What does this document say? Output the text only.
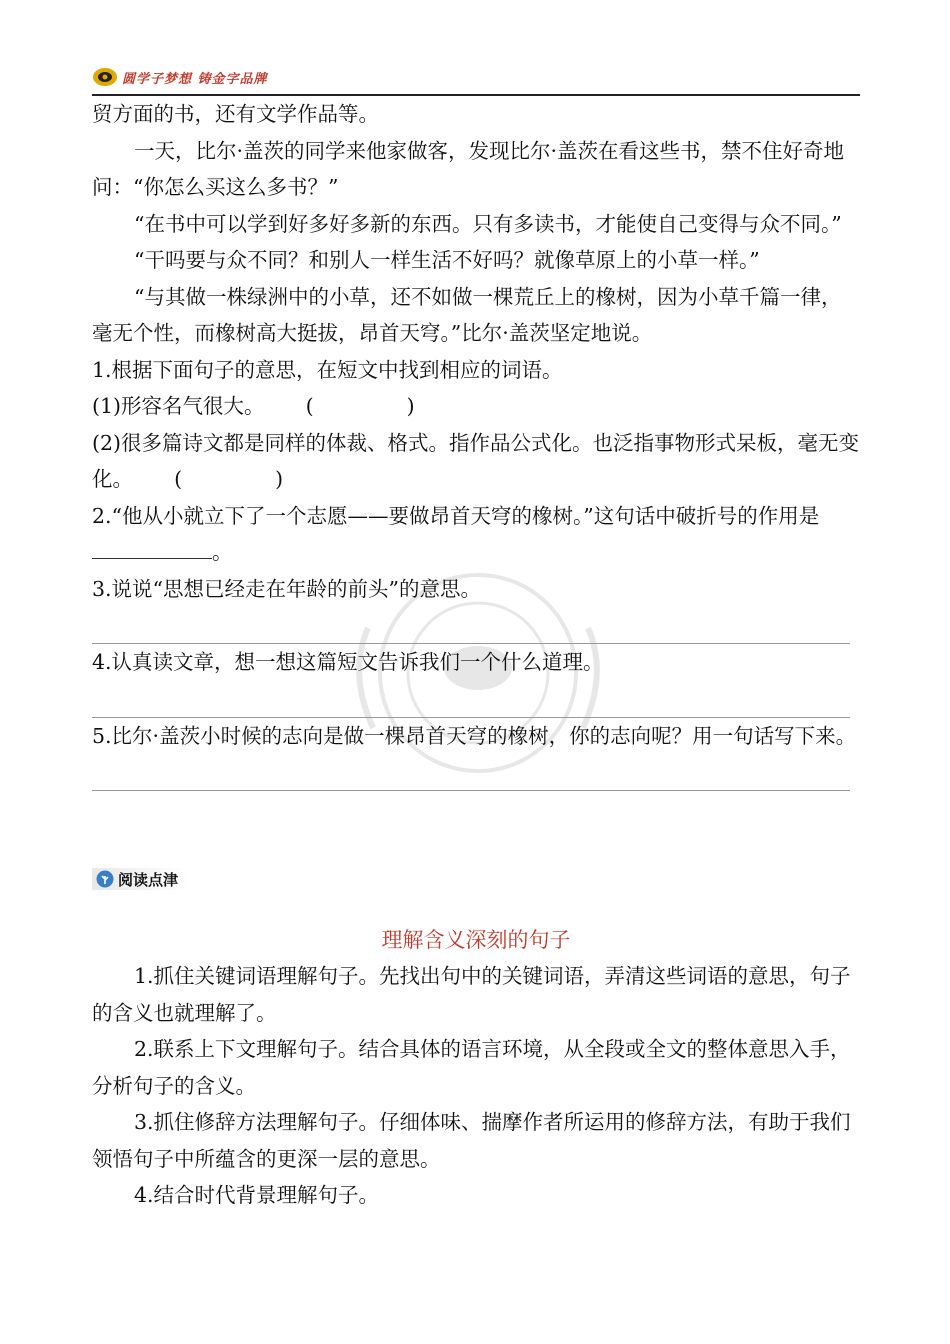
圆学子梦想 铸金字品牌

贸方面的书，还有文学作品等。

一天，比尔·盖茨的同学来他家做客，发现比尔·盖茨在看这些书，禁不住好奇地问：“你怎么买这么多书？”

“在书中可以学到好多好多新的东西。只有多读书，才能使自己变得与众不同。”

“干吗要与众不同？和别人一样生活不好吗？就像草原上的小草一样。”

“与其做一株绿洲中的小草，还不如做一棵荒丘上的橡树，因为小草千篇一律，毫无个性，而橡树高大挺拔，昂首天穹。”比尔·盖茨坚定地说。

1.根据下面句子的意思，在短文中找到相应的词语。

(1)形容名气很大。 (	)

(2)很多篇诗文都是同样的体裁、格式。指作品公式化。也泛指事物形式呆板，毫无变化。 (	)

2.“他从小就立下了一个志愿——要做昂首天穹的橡树。”这句话中破折号的作用是。

3.说说“思想已经走在年龄的前头”的意思。

4.认真读文章，想一想这篇短文告诉我们一个什么道理。

5.比尔·盖茨小时候的志向是做一棵昂首天穹的橡树，你的志向呢？用一句话写下来。

阅读点津
理解含义深刻的句子

1.抓住关键词语理解句子。先找出句中的关键词语，弄清这些词语的意思，句子的含义也就理解了。

2.联系上下文理解句子。结合具体的语言环境，从全段或全文的整体意思入手，分析句子的含义。

3.抓住修辞方法理解句子。仔细体味、揣摩作者所运用的修辞方法，有助于我们领悟句子中所蕴含的更深一层的意思。

4.结合时代背景理解句子。
